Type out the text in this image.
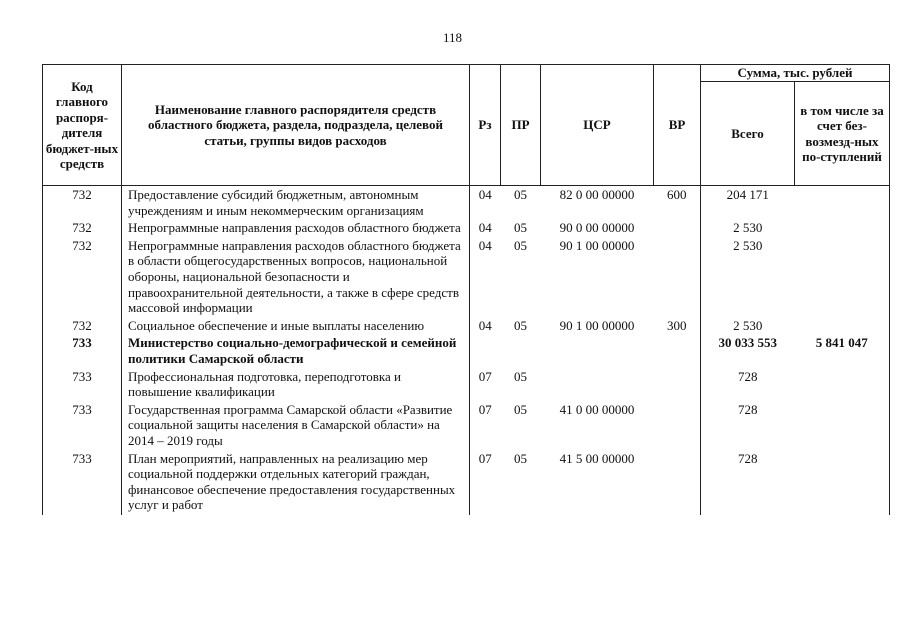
118
Код главного распоря-дителя бюджет-ных средств	Наименование главного распорядителя средств областного бюджета, раздела, подраздела, целевой статьи, группы видов расходов	Рз	ПР	ЦСР	ВР	Сумма, тыс. рублей	
						Всего	в том числе за счет без-возмезд-ных по-ступлений
732	Предоставление субсидий бюджетным, автономным учреждениям и иным некоммерческим организациям	04	05	82 0 00 00000	600	204 171	
732	Непрограммные направления расходов областного бюджета	04	05	90 0 00 00000		2 530	
732	Непрограммные направления расходов областного бюджета в области общегосударственных вопросов, национальной обороны, национальной безопасности и правоохранительной деятельности, а также в сфере средств массовой информации	04	05	90 1 00 00000		2 530	
732	Социальное обеспечение и иные выплаты населению	04	05	90 1 00 00000	300	2 530	
733	Министерство социально-демографической и семейной политики Самарской области					30 033 553	5 841 047
733	Профессиональная подготовка, переподготовка и повышение квалификации	07	05			728	
733	Государственная программа Самарской области «Развитие социальной защиты населения в Самарской области» на 2014 – 2019 годы	07	05	41 0 00 00000		728	
733	План мероприятий, направленных на реализацию мер социальной поддержки отдельных категорий граждан, финансовое обеспечение предоставления государственных услуг и работ	07	05	41 5 00 00000		728	
